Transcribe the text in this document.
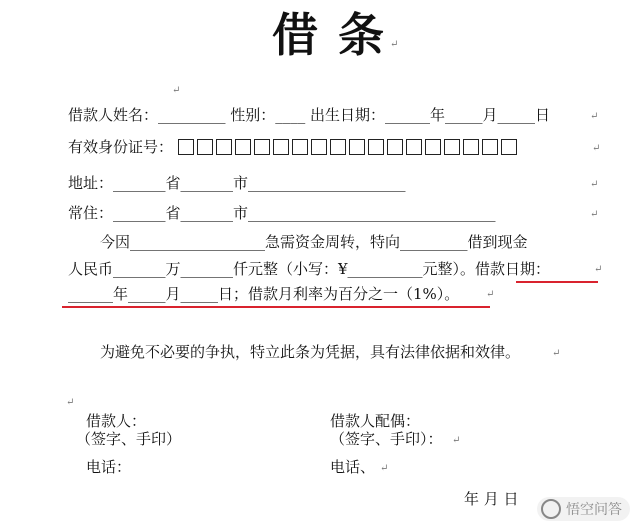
借 条 ↵
↵
借款人姓名：_________ 性别：____ 出生日期：______年_____月_____日	↵
有效身份证号：	↵
地址：_______省_______市_____________________	↵
常住：_______省_______市_________________________________	↵
今因__________________急需资金周转，特向_________借到现金
人民币_______万_______仟元整（小写：¥__________元整）。借款日期：	↵
______年_____月_____日；借款月利率为百分之一（1%）。	↵
为避免不必要的争执，特立此条为凭据，具有法律依据和效律。	↵
↵
借款人：
（签字、手印）
电话：
借款人配偶：
（签字、手印）： ↵
电话、 ↵
年 月 日
悟空问答
